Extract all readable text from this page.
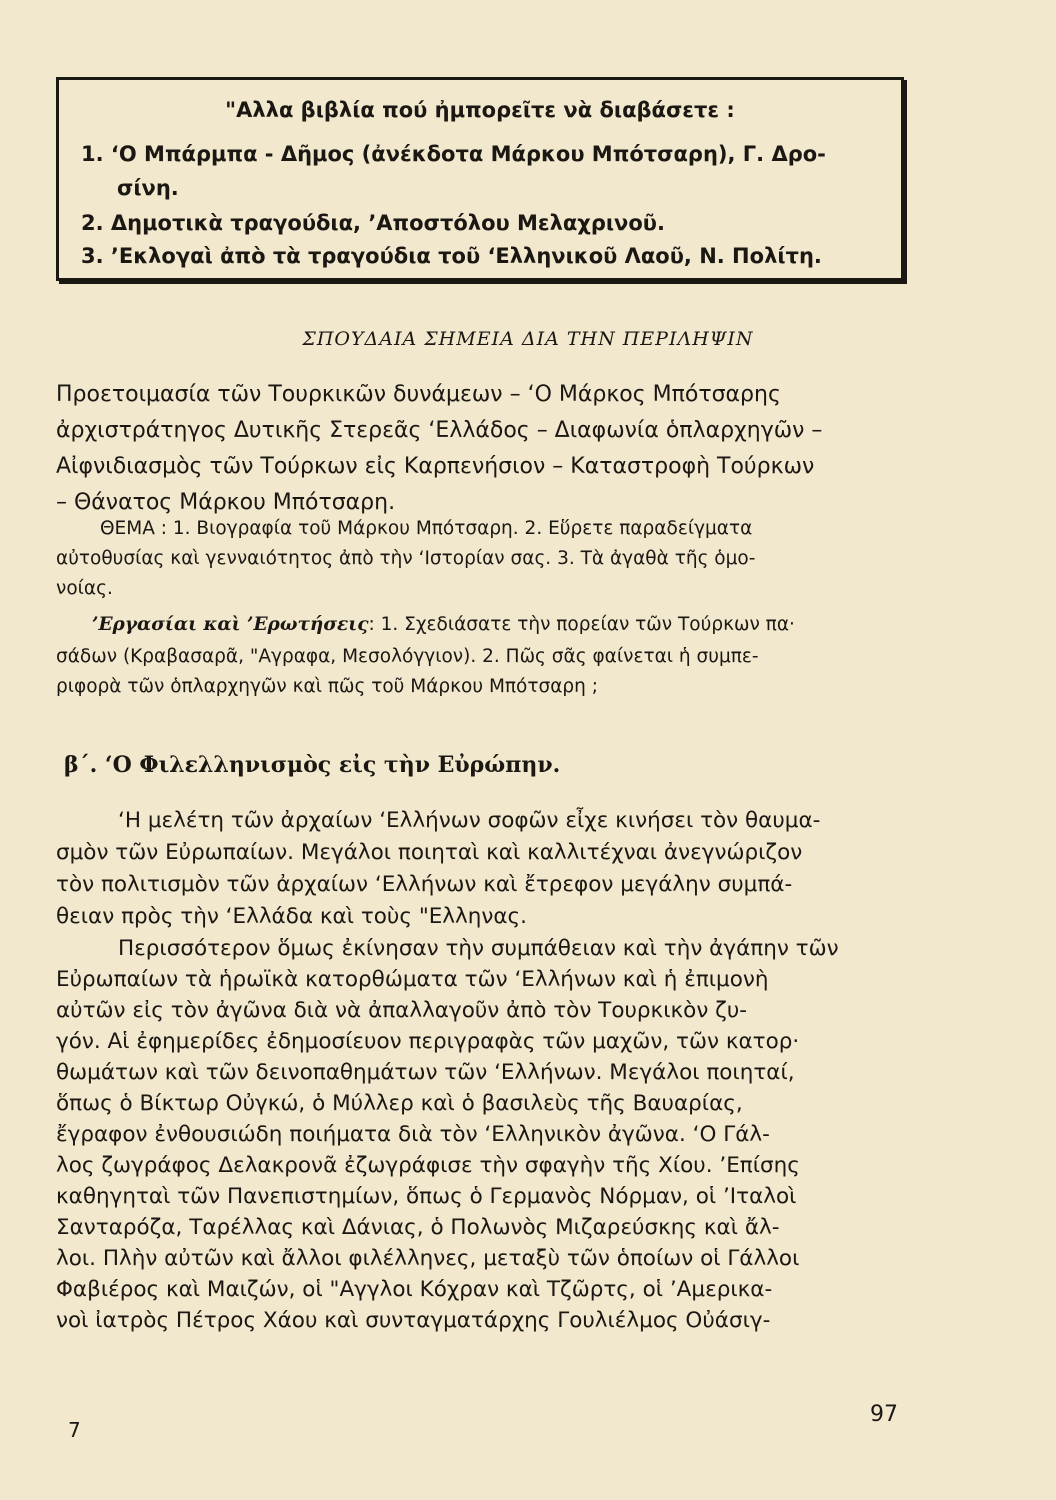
"Αλλα βιβλία πού ἠμπορεῖτε νὰ διαβάσετε :
1. ‘Ο Μπάρμπα - Δῆμος (ἀνέκδοτα Μάρκου Μπότσαρη), Γ. Δρο-
σίνη.
2. Δημοτικὰ τραγούδια, ’Αποστόλου Μελαχρινοῦ.
3. ’Εκλογαὶ ἀπὸ τὰ τραγούδια τοῦ ‘Ελληνικοῦ Λαοῦ, Ν. Πολίτη.
ΣΠΟΥΔΑΙΑ ΣΗΜΕΙΑ ΔΙΑ ΤΗΝ ΠΕΡΙΛΗΨΙΝ
Προετοιμασία τῶν Τουρκικῶν δυνάμεων – ‘Ο Μάρκος Μπότσαρης
ἀρχιστράτηγος Δυτικῆς Στερεᾶς ‘Ελλάδος – Διαφωνία ὁπλαρχηγῶν –
Αἰφνιδιασμὸς τῶν Τούρκων εἰς Καρπενήσιον – Καταστροφὴ Τούρκων
– Θάνατος Μάρκου Μπότσαρη.
ΘΕΜΑ : 1. Βιογραφία τοῦ Μάρκου Μπότσαρη. 2. Εὕρετε παραδείγματα
αὐτοθυσίας καὶ γενναιότητος ἀπὸ τὴν ‘Ιστορίαν σας. 3. Τὰ ἀγαθὰ τῆς ὁμο-
νοίας.
’Εργασίαι καὶ ’Ερωτήσεις: 1. Σχεδιάσατε τὴν πορείαν τῶν Τούρκων πα·
σάδων (Κραβασαρᾶ, "Αγραφα, Μεσολόγγιον). 2. Πῶς σᾶς φαίνεται ἡ συμπε-
ριφορὰ τῶν ὁπλαρχηγῶν καὶ πῶς τοῦ Μάρκου Μπότσαρη ;
β΄. ‘Ο Φιλελληνισμὸς εἰς τὴν Εὐρώπην.
‘Η μελέτη τῶν ἀρχαίων ‘Ελλήνων σοφῶν εἶχε κινήσει τὸν θαυμα-
σμὸν τῶν Εὐρωπαίων. Μεγάλοι ποιηταὶ καὶ καλλιτέχναι ἀνεγνώριζον
τὸν πολιτισμὸν τῶν ἀρχαίων ‘Ελλήνων καὶ ἔτρεφον μεγάλην συμπά-
θειαν πρὸς τὴν ‘Ελλάδα καὶ τοὺς "Ελληνας.
Περισσότερον ὅμως ἐκίνησαν τὴν συμπάθειαν καὶ τὴν ἀγάπην τῶν
Εὐρωπαίων τὰ ἡρωϊκὰ κατορθώματα τῶν ‘Ελλήνων καὶ ἡ ἐπιμονὴ
αὐτῶν εἰς τὸν ἀγῶνα διὰ νὰ ἀπαλλαγοῦν ἀπὸ τὸν Τουρκικὸν ζυ-
γόν. Αἱ ἐφημερίδες ἐδημοσίευον περιγραφὰς τῶν μαχῶν, τῶν κατορ·
θωμάτων καὶ τῶν δεινοπαθημάτων τῶν ‘Ελλήνων. Μεγάλοι ποιηταί,
ὅπως ὁ Βίκτωρ Οὐγκώ, ὁ Μύλλερ καὶ ὁ βασιλεὺς τῆς Βαυαρίας,
ἔγραφον ἐνθουσιώδη ποιήματα διὰ τὸν ‘Ελληνικὸν ἀγῶνα. ‘Ο Γάλ-
λος ζωγράφος Δελακρονᾶ ἐζωγράφισε τὴν σφαγὴν τῆς Χίου. ’Επίσης
καθηγηταὶ τῶν Πανεπιστημίων, ὅπως ὁ Γερμανὸς Νόρμαν, οἱ ’Ιταλοὶ
Σανταρόζα, Ταρέλλας καὶ Δάνιας, ὁ Πολωνὸς Μιζαρεύσκης καὶ ἄλ-
λοι. Πλὴν αὐτῶν καὶ ἄλλοι φιλέλληνες, μεταξὺ τῶν ὁποίων οἱ Γάλλοι
Φαβιέρος καὶ Μαιζών, οἱ "Αγγλοι Κόχραν καὶ Τζῶρτς, οἱ ’Αμερικα-
νοὶ ἰατρὸς Πέτρος Χάου καὶ συνταγματάρχης Γουλιέλμος Οὐάσιγ-
97
7
